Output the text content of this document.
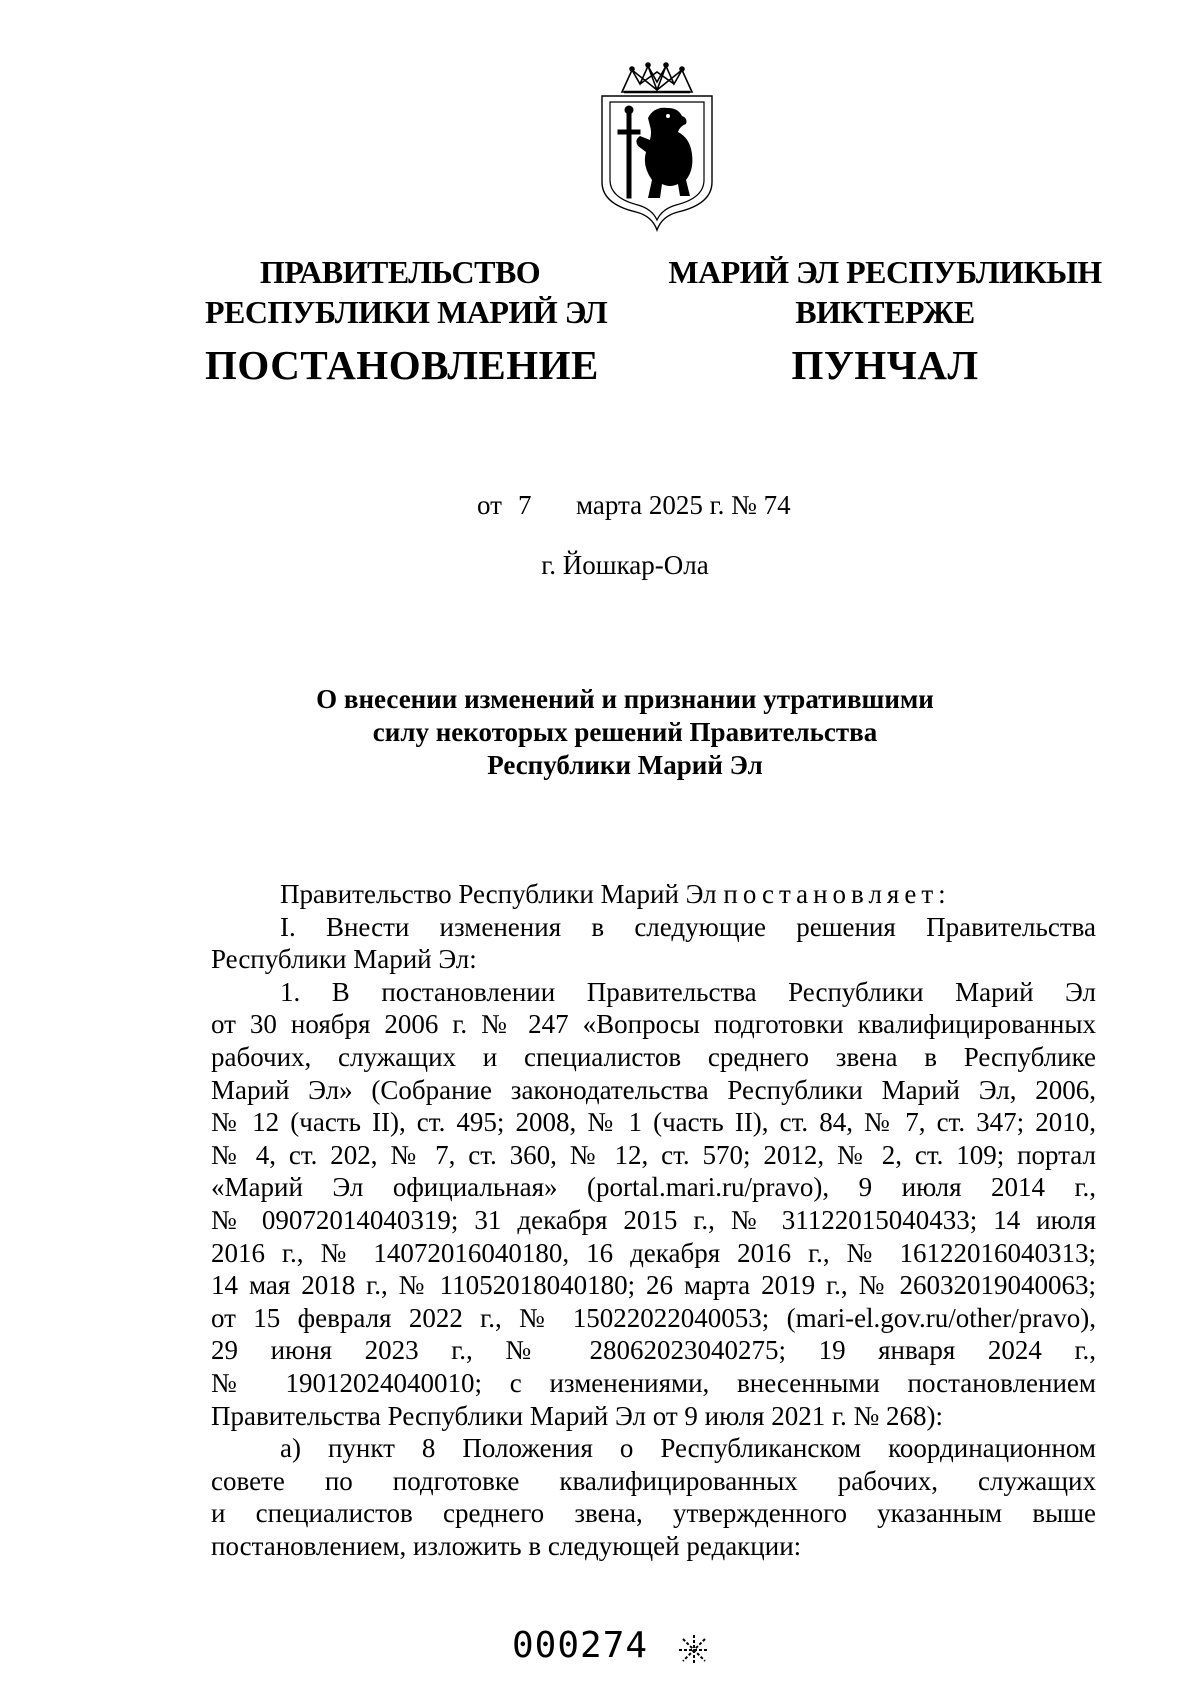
ПРАВИТЕЛЬСТВО
РЕСПУБЛИКИ МАРИЙ ЭЛ
ПОСТАНОВЛЕНИЕ
МАРИЙ ЭЛ РЕСПУБЛИКЫН
ВИКТЕРЖЕ
ПУНЧАЛ
от 7 марта 2025 г. № 74
г. Йошкар-Ола
О внесении изменений и признании утратившими
силу некоторых решений Правительства
Республики Марий Эл

Правительство Республики Марий Эл постановляет:

I. Внести изменения в следующие решения Правительства

Республики Марий Эл:

1. В постановлении Правительства Республики Марий Эл

от 30 ноября 2006 г. № 247 «Вопросы подготовки квалифицированных

рабочих, служащих и специалистов среднего звена в Республике

Марий Эл» (Собрание законодательства Республики Марий Эл, 2006,

№ 12 (часть II), ст. 495; 2008, № 1 (часть II), ст. 84, № 7, ст. 347; 2010,

№ 4, ст. 202, № 7, ст. 360, № 12, ст. 570; 2012, № 2, ст. 109; портал

«Марий Эл официальная» (portal.mari.ru/pravo), 9 июля 2014 г.,

№ 09072014040319; 31 декабря 2015 г., № 31122015040433; 14 июля

2016 г., № 14072016040180, 16 декабря 2016 г., № 16122016040313;

14 мая 2018 г., № 11052018040180; 26 марта 2019 г., № 26032019040063;

от 15 февраля 2022 г., № 15022022040053; (mari-el.gov.ru/other/pravo),

29 июня 2023 г., № 28062023040275; 19 января 2024 г.,

№ 19012024040010; с изменениями, внесенными постановлением

Правительства Республики Марий Эл от 9 июля 2021 г. № 268):

а) пункт 8 Положения о Республиканском координационном

совете по подготовке квалифицированных рабочих, служащих

и специалистов среднего звена, утвержденного указанным выше

постановлением, изложить в следующей редакции:

000274
